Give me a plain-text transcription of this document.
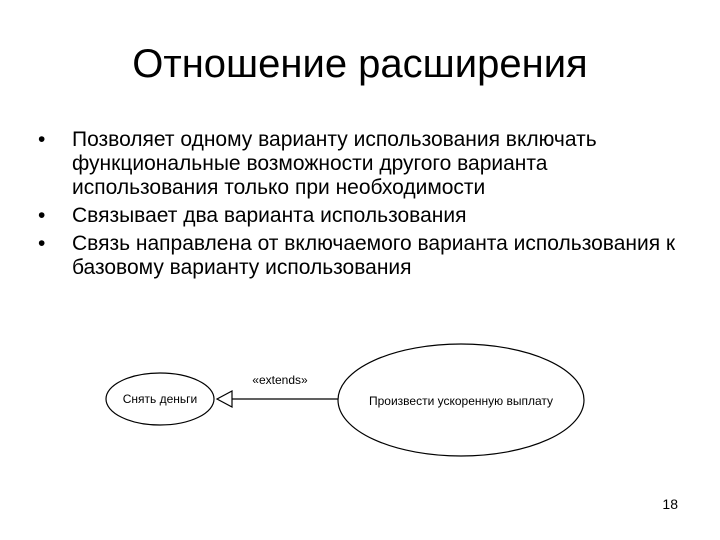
Отношение расширения
•	Позволяет одному варианту использования включать функциональные возможности другого варианта использования только при необходимости
•	Связывает два варианта использования
•	Связь направлена от включаемого варианта использования к базовому варианту использования
Снять деньги	Произвести ускоренную выплату
«extends»
18
